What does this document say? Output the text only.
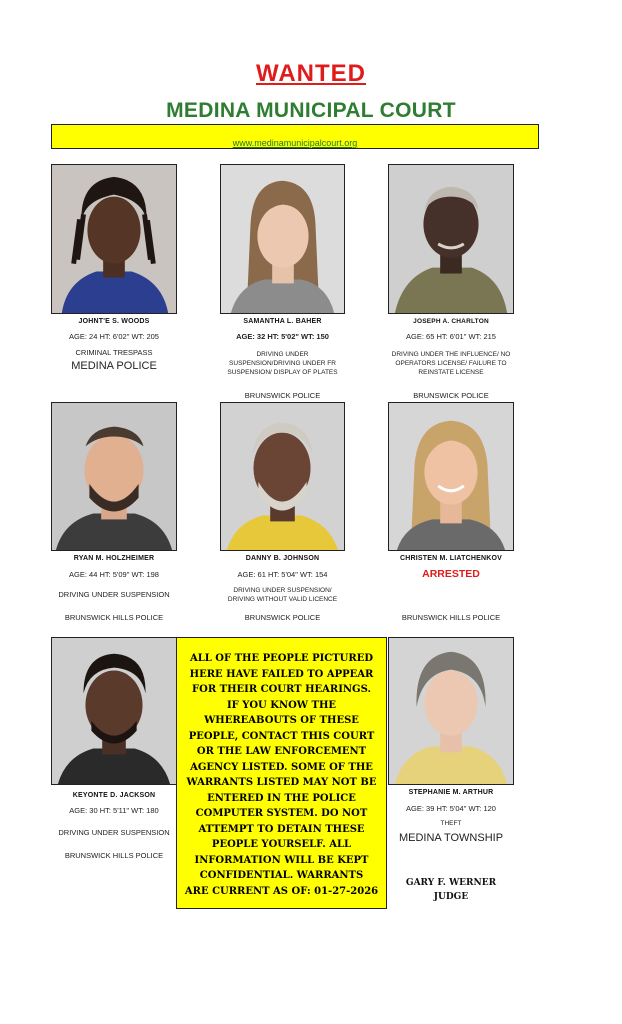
WANTED
MEDINA MUNICIPAL COURT
www.medinamunicipalcourt.org
JOHNT'E S. WOODS
AGE: 24 HT: 6'02" WT: 205
CRIMINAL TRESPASS
MEDINA POLICE
SAMANTHA L. BAHER
AGE: 32 HT: 5'02" WT: 150
DRIVING UNDER SUSPENSION/DRIVING UNDER FR SUSPENSION/ DISPLAY OF PLATES
BRUNSWICK POLICE
JOSEPH A. CHARLTON
AGE: 65 HT: 6'01" WT: 215
DRIVING UNDER THE INFLUENCE/ NO OPERATORS LICENSE/ FAILURE TO REINSTATE LICENSE
BRUNSWICK POLICE
RYAN M. HOLZHEIMER
AGE: 44 HT: 5'09" WT: 198
DRIVING UNDER SUSPENSION
BRUNSWICK HILLS POLICE
DANNY B. JOHNSON
AGE: 61 HT: 5'04" WT: 154
DRIVING UNDER SUSPENSION/ DRIVING WITHOUT VALID LICENCE
BRUNSWICK POLICE
CHRISTEN M. LIATCHENKOV
ARRESTED
BRUNSWICK HILLS POLICE
KEYONTE D. JACKSON
AGE: 30 HT: 5'11" WT: 180
DRIVING UNDER SUSPENSION
BRUNSWICK HILLS POLICE
ALL OF THE PEOPLE PICTURED
HERE HAVE FAILED TO APPEAR
FOR THEIR COURT HEARINGS.
IF YOU KNOW THE
WHEREABOUTS OF THESE
PEOPLE, CONTACT THIS COURT
OR THE LAW ENFORCEMENT
AGENCY LISTED. SOME OF THE
WARRANTS LISTED MAY NOT BE
ENTERED IN THE POLICE
COMPUTER SYSTEM. DO NOT
ATTEMPT TO DETAIN THESE
PEOPLE YOURSELF. ALL
INFORMATION WILL BE KEPT
CONFIDENTIAL. WARRANTS
ARE CURRENT AS OF: 01-27-2026
STEPHANIE M. ARTHUR
AGE: 39 HT: 5'04" WT: 120
THEFT
MEDINA TOWNSHIP
GARY F. WERNER
JUDGE
